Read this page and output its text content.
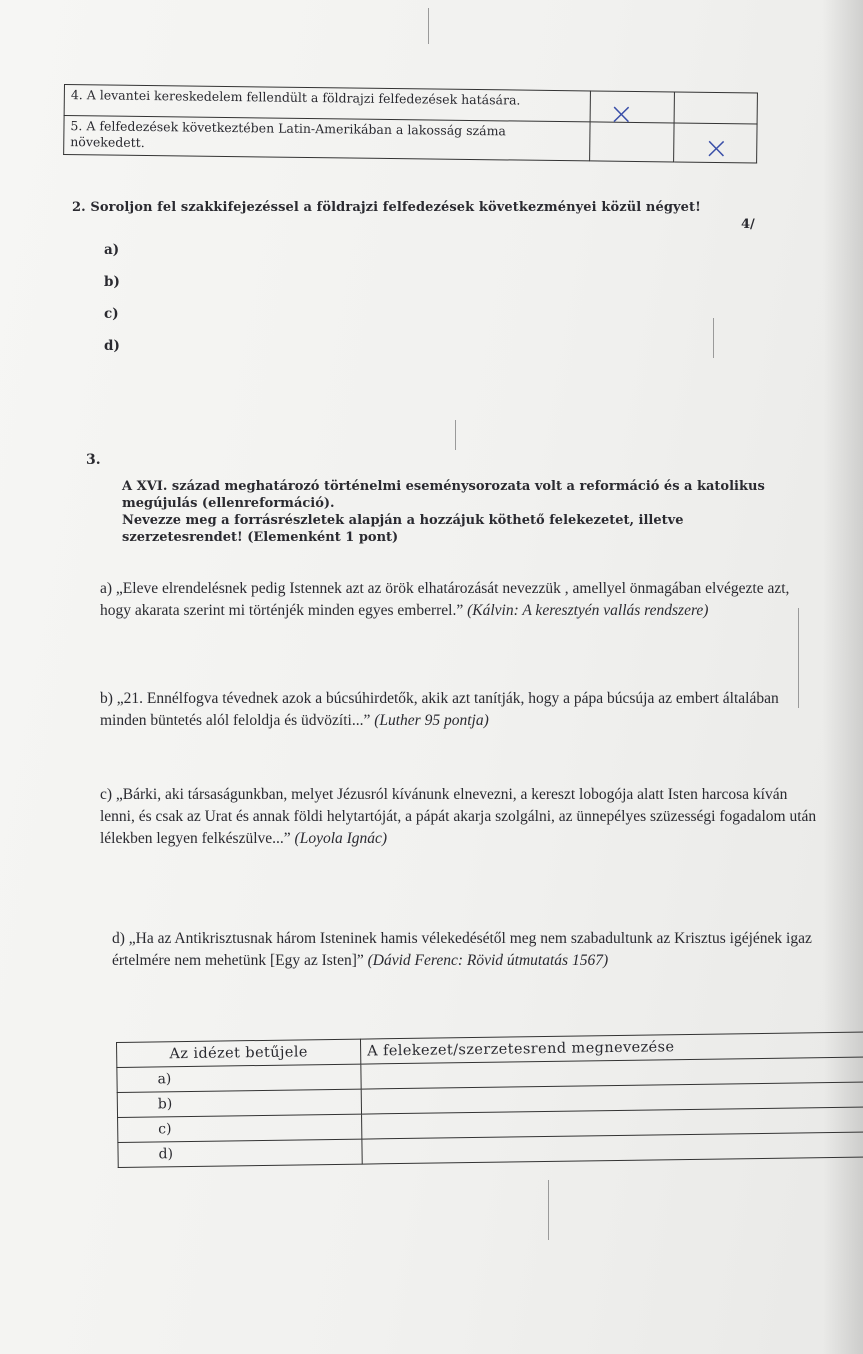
4. A levantei kereskedelem fellendült a földrajzi felfedezések hatására.	×	

5. A felfedezések következtében Latin-Amerikában a lakosság száma növekedett.		×
2. Soroljon fel szakkifejezéssel a földrajzi felfedezések következményei közül négyet!
4/
a)
b)
c)
d)
3.
A XVI. század meghatározó történelmi eseménysorozata volt a reformáció és a katolikus megújulás (ellenreformáció).
Nevezze meg a forrásrészletek alapján a hozzájuk köthető felekezetet, illetve szerzetesrendet! (Elemenként 1 pont)
a) „Eleve elrendelésnek pedig Istennek azt az örök elhatározását nevezzük , amellyel önmagában elvégezte azt, hogy akarata szerint mi történjék minden egyes emberrel.” (Kálvin: A keresztyén vallás rendszere)
b) „21. Ennélfogva tévednek azok a búcsúhirdetők, akik azt tanítják, hogy a pápa búcsúja az embert általában minden büntetés alól feloldja és üdvözíti...” (Luther 95 pontja)
c) „Bárki, aki társaságunkban, melyet Jézusról kívánunk elnevezni, a kereszt lobogója alatt Isten harcosa kíván lenni, és csak az Urat és annak földi helytartóját, a pápát akarja szolgálni, az ünnepélyes szüzességi fogadalom után lélekben legyen felkészülve...” (Loyola Ignác)
d) „Ha az Antikrisztusnak három Isteninek hamis vélekedésétől meg nem szabadultunk az Krisztus igéjének igaz értelmére nem mehetünk [Egy az Isten]” (Dávid Ferenc: Rövid útmutatás 1567)
Az idézet betűjele	A felekezet/szerzetesrend megnevezése
a)	
b)	
c)	
d)	
